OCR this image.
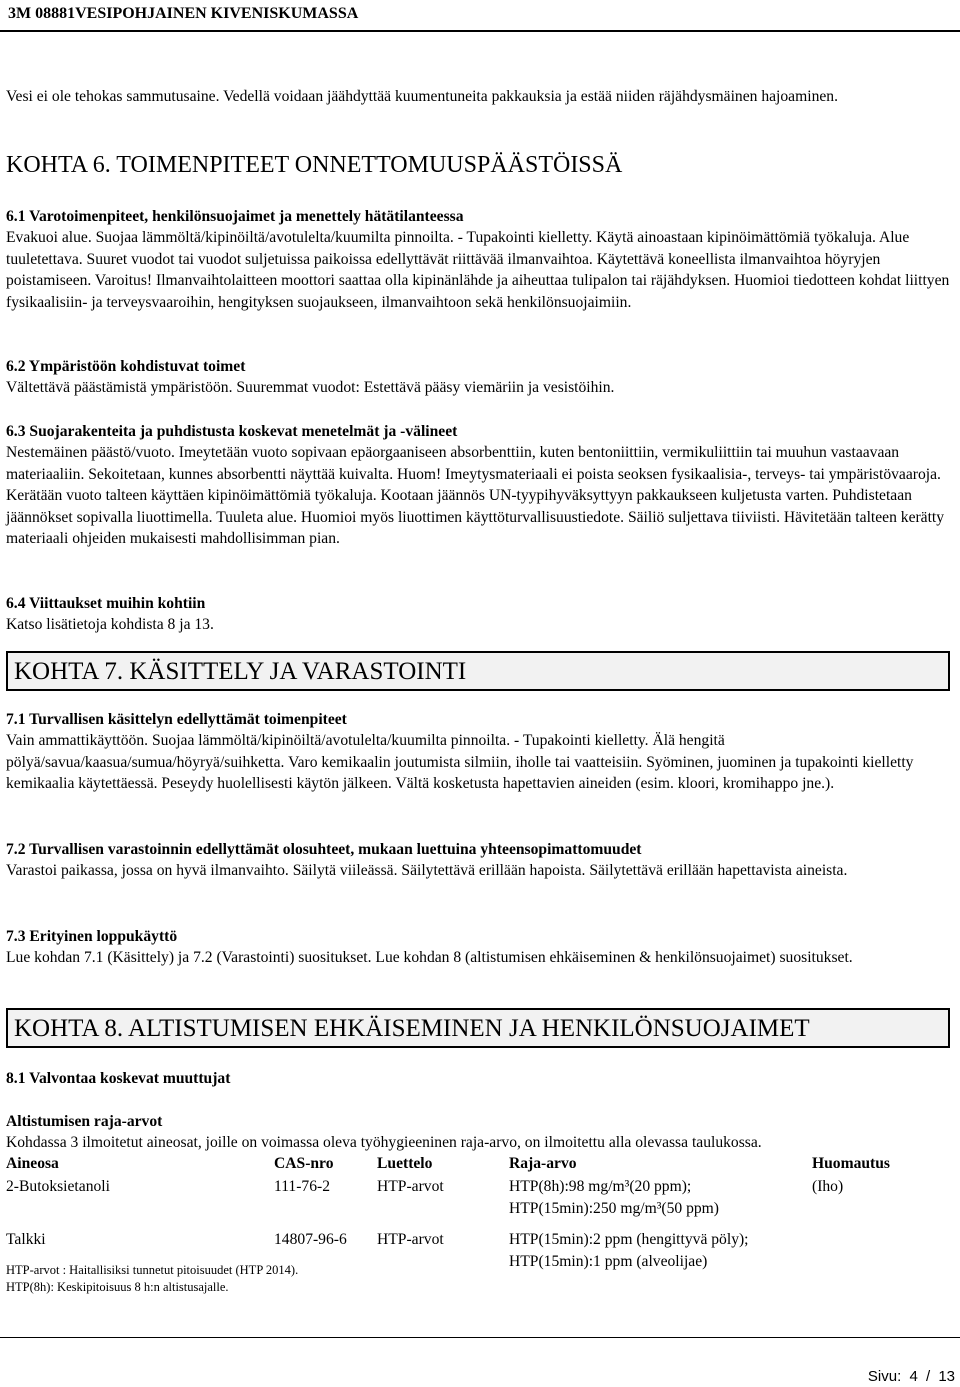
3M 08881VESIPOHJAINEN KIVENISKUMASSA
Vesi ei ole tehokas sammutusaine. Vedellä voidaan jäähdyttää kuumentuneita pakkauksia ja estää niiden räjähdysmäinen hajoaminen.
KOHTA 6. TOIMENPITEET ONNETTOMUUSPÄÄSTÖISSÄ
6.1 Varotoimenpiteet, henkilönsuojaimet ja menettely hätätilanteessa
Evakuoi alue. Suojaa lämmöltä/kipinöiltä/avotulelta/kuumilta pinnoilta. - Tupakointi kielletty. Käytä ainoastaan kipinöimättömiä työkaluja. Alue tuuletettava. Suuret vuodot tai vuodot suljetuissa paikoissa edellyttävät riittävää ilmanvaihtoa. Käytettävä koneellista ilmanvaihtoa höyryjen poistamiseen. Varoitus! Ilmanvaihtolaitteen moottori saattaa olla kipinänlähde ja aiheuttaa tulipalon tai räjähdyksen. Huomioi tiedotteen kohdat liittyen fysikaalisiin- ja terveysvaaroihin, hengityksen suojaukseen, ilmanvaihtoon sekä henkilönsuojaimiin.
6.2 Ympäristöön kohdistuvat toimet
Vältettävä päästämistä ympäristöön. Suuremmat vuodot: Estettävä pääsy viemäriin ja vesistöihin.
6.3 Suojarakenteita ja puhdistusta koskevat menetelmät ja -välineet
Nestemäinen päästö/vuoto. Imeytetään vuoto sopivaan epäorgaaniseen absorbenttiin, kuten bentoniittiin, vermikuliittiin tai muuhun vastaavaan materiaaliin. Sekoitetaan, kunnes absorbentti näyttää kuivalta. Huom! Imeytysmateriaali ei poista seoksen fysikaalisia-, terveys- tai ympäristövaaroja. Kerätään vuoto talteen käyttäen kipinöimättömiä työkaluja. Kootaan jäännös UN-tyypihyväksyttyyn pakkaukseen kuljetusta varten. Puhdistetaan jäännökset sopivalla liuottimella. Tuuleta alue. Huomioi myös liuottimen käyttöturvallisuustiedote. Säiliö suljettava tiiviisti. Hävitetään talteen kerätty materiaali ohjeiden mukaisesti mahdollisimman pian.
6.4 Viittaukset muihin kohtiin
Katso lisätietoja kohdista 8 ja 13.
KOHTA 7. KÄSITTELY JA VARASTOINTI
7.1 Turvallisen käsittelyn edellyttämät toimenpiteet
Vain ammattikäyttöön. Suojaa lämmöltä/kipinöiltä/avotulelta/kuumilta pinnoilta. - Tupakointi kielletty. Älä hengitä pölyä/savua/kaasua/sumua/höyryä/suihketta. Varo kemikaalin joutumista silmiin, iholle tai vaatteisiin. Syöminen, juominen ja tupakointi kielletty kemikaalia käytettäessä. Peseydy huolellisesti käytön jälkeen. Vältä kosketusta hapettavien aineiden (esim. kloori, kromihappo jne.).
7.2 Turvallisen varastoinnin edellyttämät olosuhteet, mukaan luettuina yhteensopimattomuudet
Varastoi paikassa, jossa on hyvä ilmanvaihto. Säilytä viileässä. Säilytettävä erillään hapoista. Säilytettävä erillään hapettavista aineista.
7.3 Erityinen loppukäyttö
Lue kohdan 7.1 (Käsittely) ja 7.2 (Varastointi) suositukset. Lue kohdan 8 (altistumisen ehkäiseminen & henkilönsuojaimet) suositukset.
KOHTA 8. ALTISTUMISEN EHKÄISEMINEN JA HENKILÖNSUOJAIMET
8.1 Valvontaa koskevat muuttujat
Altistumisen raja-arvot
Kohdassa 3 ilmoitetut aineosat, joille on voimassa oleva työhygieeninen raja-arvo, on ilmoitettu alla olevassa taulukossa.
Aineosa	CAS-nro	Luettelo	Raja-arvo	Huomautus
2-Butoksietanoli	111-76-2	HTP-arvot	HTP(8h):98 mg/m³(20 ppm);
HTP(15min):250 mg/m³(50 ppm)	(Iho)
Talkki	14807-96-6	HTP-arvot	HTP(15min):2 ppm (hengittyvä pöly);
HTP(15min):1 ppm (alveolijae)	

HTP-arvot : Haitallisiksi tunnetut pitoisuudet (HTP 2014).
HTP(8h): Keskipitoisuus 8 h:n altistusajalle.
Sivu: 4 / 13
